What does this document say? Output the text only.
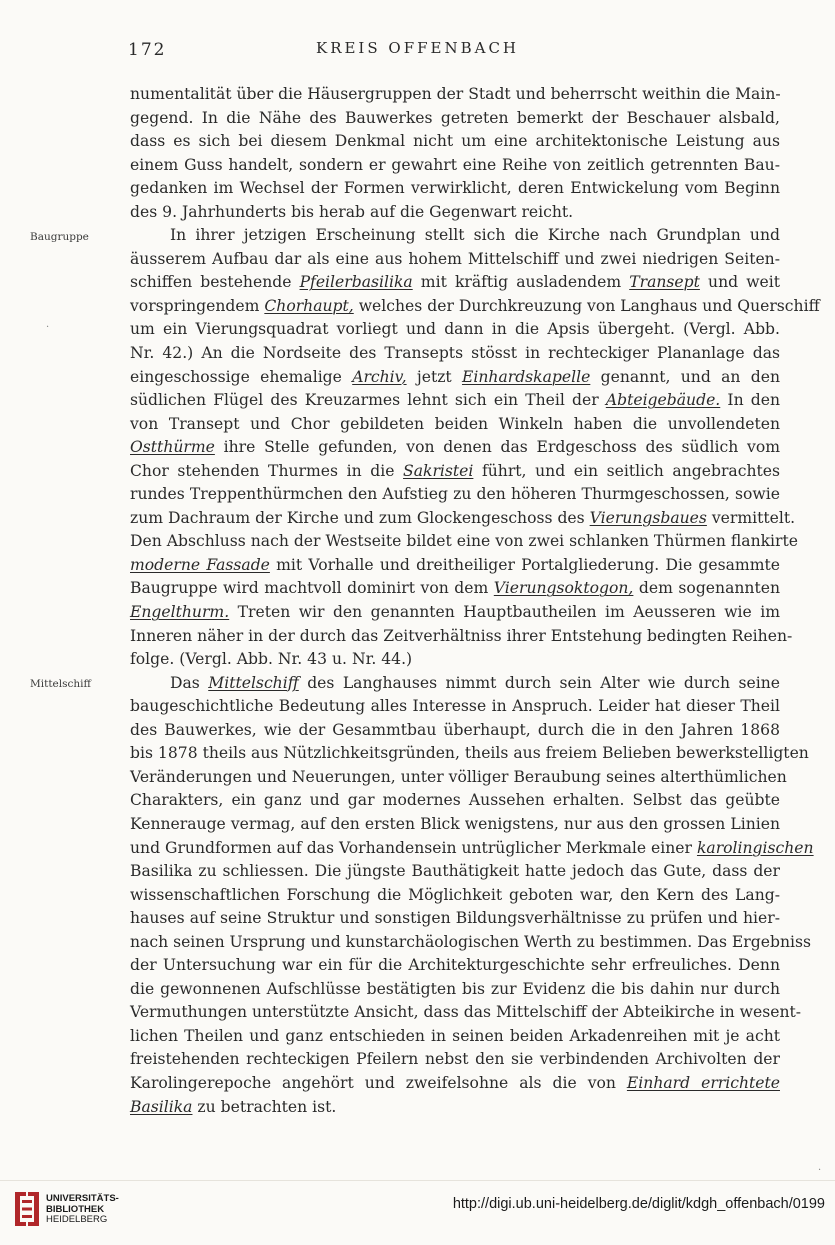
172	KREIS OFFENBACH
Baugruppe
Mittelschiff
·
·
numentalität über die Häusergruppen der Stadt und beherrscht weithin die Main-
gegend. In die Nähe des Bauwerkes getreten bemerkt der Beschauer alsbald,
dass es sich bei diesem Denkmal nicht um eine architektonische Leistung aus
einem Guss handelt, sondern er gewahrt eine Reihe von zeitlich getrennten Bau-
gedanken im Wechsel der Formen verwirklicht, deren Entwickelung vom Beginn
des 9. Jahrhunderts bis herab auf die Gegenwart reicht.
In ihrer jetzigen Erscheinung stellt sich die Kirche nach Grundplan und
äusserem Aufbau dar als eine aus hohem Mittelschiff und zwei niedrigen Seiten-
schiffen bestehende Pfeilerbasilika mit kräftig ausladendem Transept und weit
vorspringendem Chorhaupt, welches der Durchkreuzung von Langhaus und Querschiff
um ein Vierungsquadrat vorliegt und dann in die Apsis übergeht. (Vergl. Abb.
Nr. 42.) An die Nordseite des Transepts stösst in rechteckiger Plananlage das
eingeschossige ehemalige Archiv, jetzt Einhardskapelle genannt, und an den
südlichen Flügel des Kreuzarmes lehnt sich ein Theil der Abteigebäude. In den
von Transept und Chor gebildeten beiden Winkeln haben die unvollendeten
Ostthürme ihre Stelle gefunden, von denen das Erdgeschoss des südlich vom
Chor stehenden Thurmes in die Sakristei führt, und ein seitlich angebrachtes
rundes Treppenthürmchen den Aufstieg zu den höheren Thurmgeschossen, sowie
zum Dachraum der Kirche und zum Glockengeschoss des Vierungsbaues vermittelt.
Den Abschluss nach der Westseite bildet eine von zwei schlanken Thürmen flankirte
moderne Fassade mit Vorhalle und dreitheiliger Portalgliederung. Die gesammte
Baugruppe wird machtvoll dominirt von dem Vierungsoktogon, dem sogenannten
Engelthurm. Treten wir den genannten Hauptbautheilen im Aeusseren wie im
Inneren näher in der durch das Zeitverhältniss ihrer Entstehung bedingten Reihen-
folge. (Vergl. Abb. Nr. 43 u. Nr. 44.)
Das Mittelschiff des Langhauses nimmt durch sein Alter wie durch seine
baugeschichtliche Bedeutung alles Interesse in Anspruch. Leider hat dieser Theil
des Bauwerkes, wie der Gesammtbau überhaupt, durch die in den Jahren 1868
bis 1878 theils aus Nützlichkeitsgründen, theils aus freiem Belieben bewerkstelligten
Veränderungen und Neuerungen, unter völliger Beraubung seines alterthümlichen
Charakters, ein ganz und gar modernes Aussehen erhalten. Selbst das geübte
Kennerauge vermag, auf den ersten Blick wenigstens, nur aus den grossen Linien
und Grundformen auf das Vorhandensein untrüglicher Merkmale einer karolingischen
Basilika zu schliessen. Die jüngste Bauthätigkeit hatte jedoch das Gute, dass der
wissenschaftlichen Forschung die Möglichkeit geboten war, den Kern des Lang-
hauses auf seine Struktur und sonstigen Bildungsverhältnisse zu prüfen und hier-
nach seinen Ursprung und kunstarchäologischen Werth zu bestimmen. Das Ergebniss
der Untersuchung war ein für die Architekturgeschichte sehr erfreuliches. Denn
die gewonnenen Aufschlüsse bestätigten bis zur Evidenz die bis dahin nur durch
Vermuthungen unterstützte Ansicht, dass das Mittelschiff der Abteikirche in wesent-
lichen Theilen und ganz entschieden in seinen beiden Arkadenreihen mit je acht
freistehenden rechteckigen Pfeilern nebst den sie verbindenden Archivolten der
Karolingerepoche angehört und zweifelsohne als die von Einhard errichtete
Basilika zu betrachten ist.
UNIVERSITÄTS-
BIBLIOTHEK
HEIDELBERG
http://digi.ub.uni-heidelberg.de/diglit/kdgh_offenbach/0199
